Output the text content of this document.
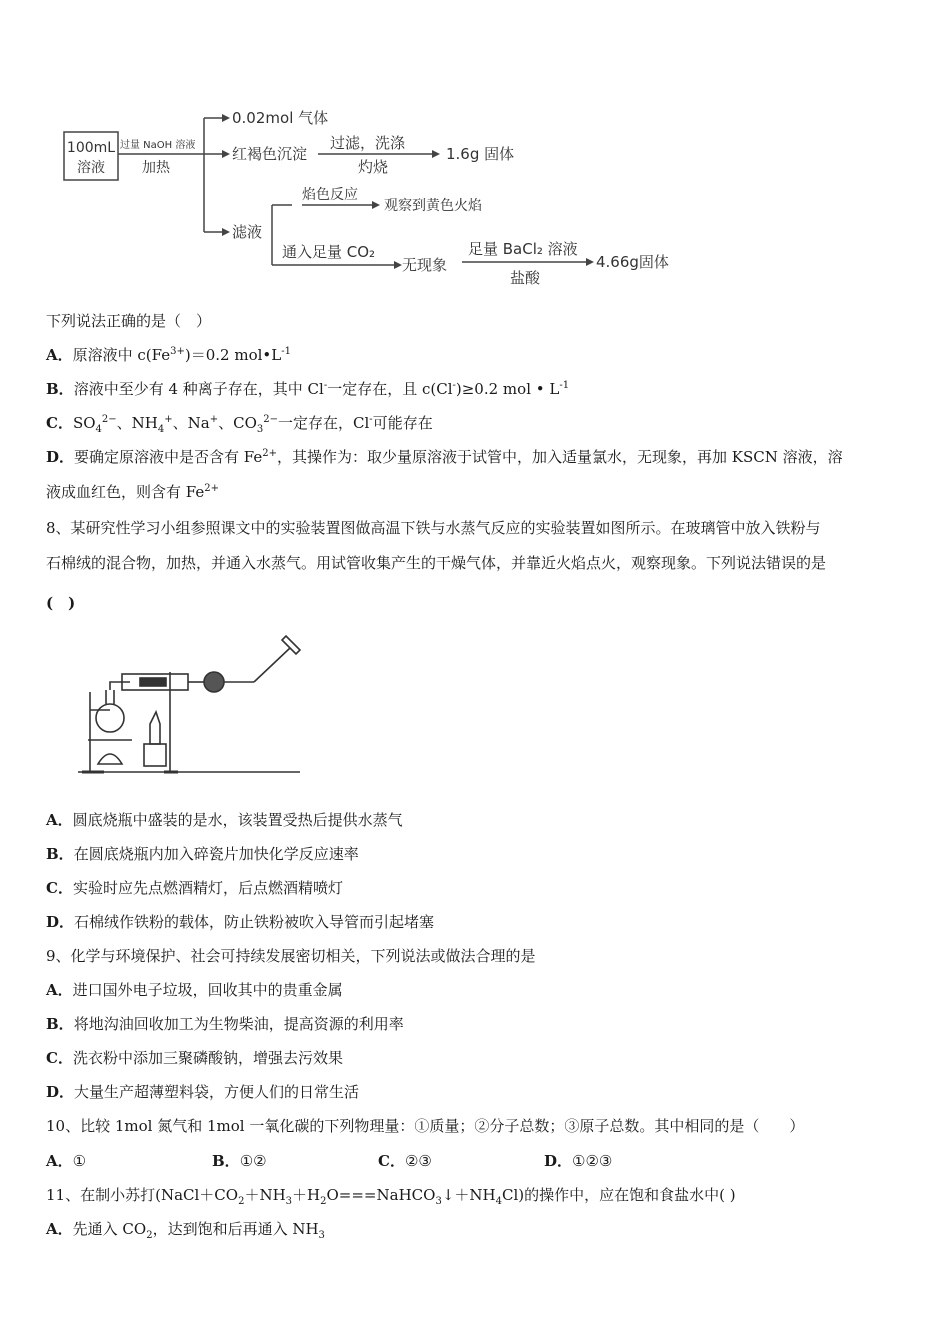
100mL
溶液
过量 NaOH 溶液
加热
0.02mol 气体
红褐色沉淀
过滤，洗涤
灼烧
1.6g 固体
滤液
焰色反应
观察到黄色火焰
通入足量 CO₂
无现象
足量 BaCl₂ 溶液
盐酸
4.66g固体
下列说法正确的是（　）
A．原溶液中 $c(Fe^{3+})=0.2$ $mol•L^{-1}$
B．溶液中至少有 4 种离子存在，其中 Cl-一定存在，且 c(Cl-)≥0.2 mol • $L^{-1}$
C．$SO_4^{2-}$、$NH_4^+$、Na+、$CO_3^{2-}$一定存在，Cl-可能存在
D．要确定原溶液中是否含有 $Fe^{2+}$，其操作为：取少量原溶液于试管中，加入适量氯水，无现象，再加 KSCN 溶液，溶
液成血红色，则含有 $Fe^{2+}$
8、某研究性学习小组参照课文中的实验装置图做高温下铁与水蒸气反应的实验装置如图所示。在玻璃管中放入铁粉与
石棉绒的混合物，加热，并通入水蒸气。用试管收集产生的干燥气体，并靠近火焰点火，观察现象。下列说法错误的是
(　)
A．圆底烧瓶中盛装的是水，该装置受热后提供水蒸气
B．在圆底烧瓶内加入碎瓷片加快化学反应速率
C．实验时应先点燃酒精灯，后点燃酒精喷灯
D．石棉绒作铁粉的载体，防止铁粉被吹入导管而引起堵塞
9、化学与环境保护、社会可持续发展密切相关，下列说法或做法合理的是
A．进口国外电子垃圾，回收其中的贵重金属
B．将地沟油回收加工为生物柴油，提高资源的利用率
C．洗衣粉中添加三聚磷酸钠，增强去污效果
D．大量生产超薄塑料袋，方便人们的日常生活
10、比较 1mol 氮气和 1mol 一氧化碳的下列物理量：①质量；②分子总数；③原子总数。其中相同的是（　　）
A．①	B．①②	C．②③	D．①②③
11、在制小苏打$(NaCl+CO_2+NH_3+H_2O===NaHCO_3↓+NH_4Cl)$的操作中，应在饱和食盐水中( )
A．先通入 $CO_2$，达到饱和后再通入 $NH_3$
